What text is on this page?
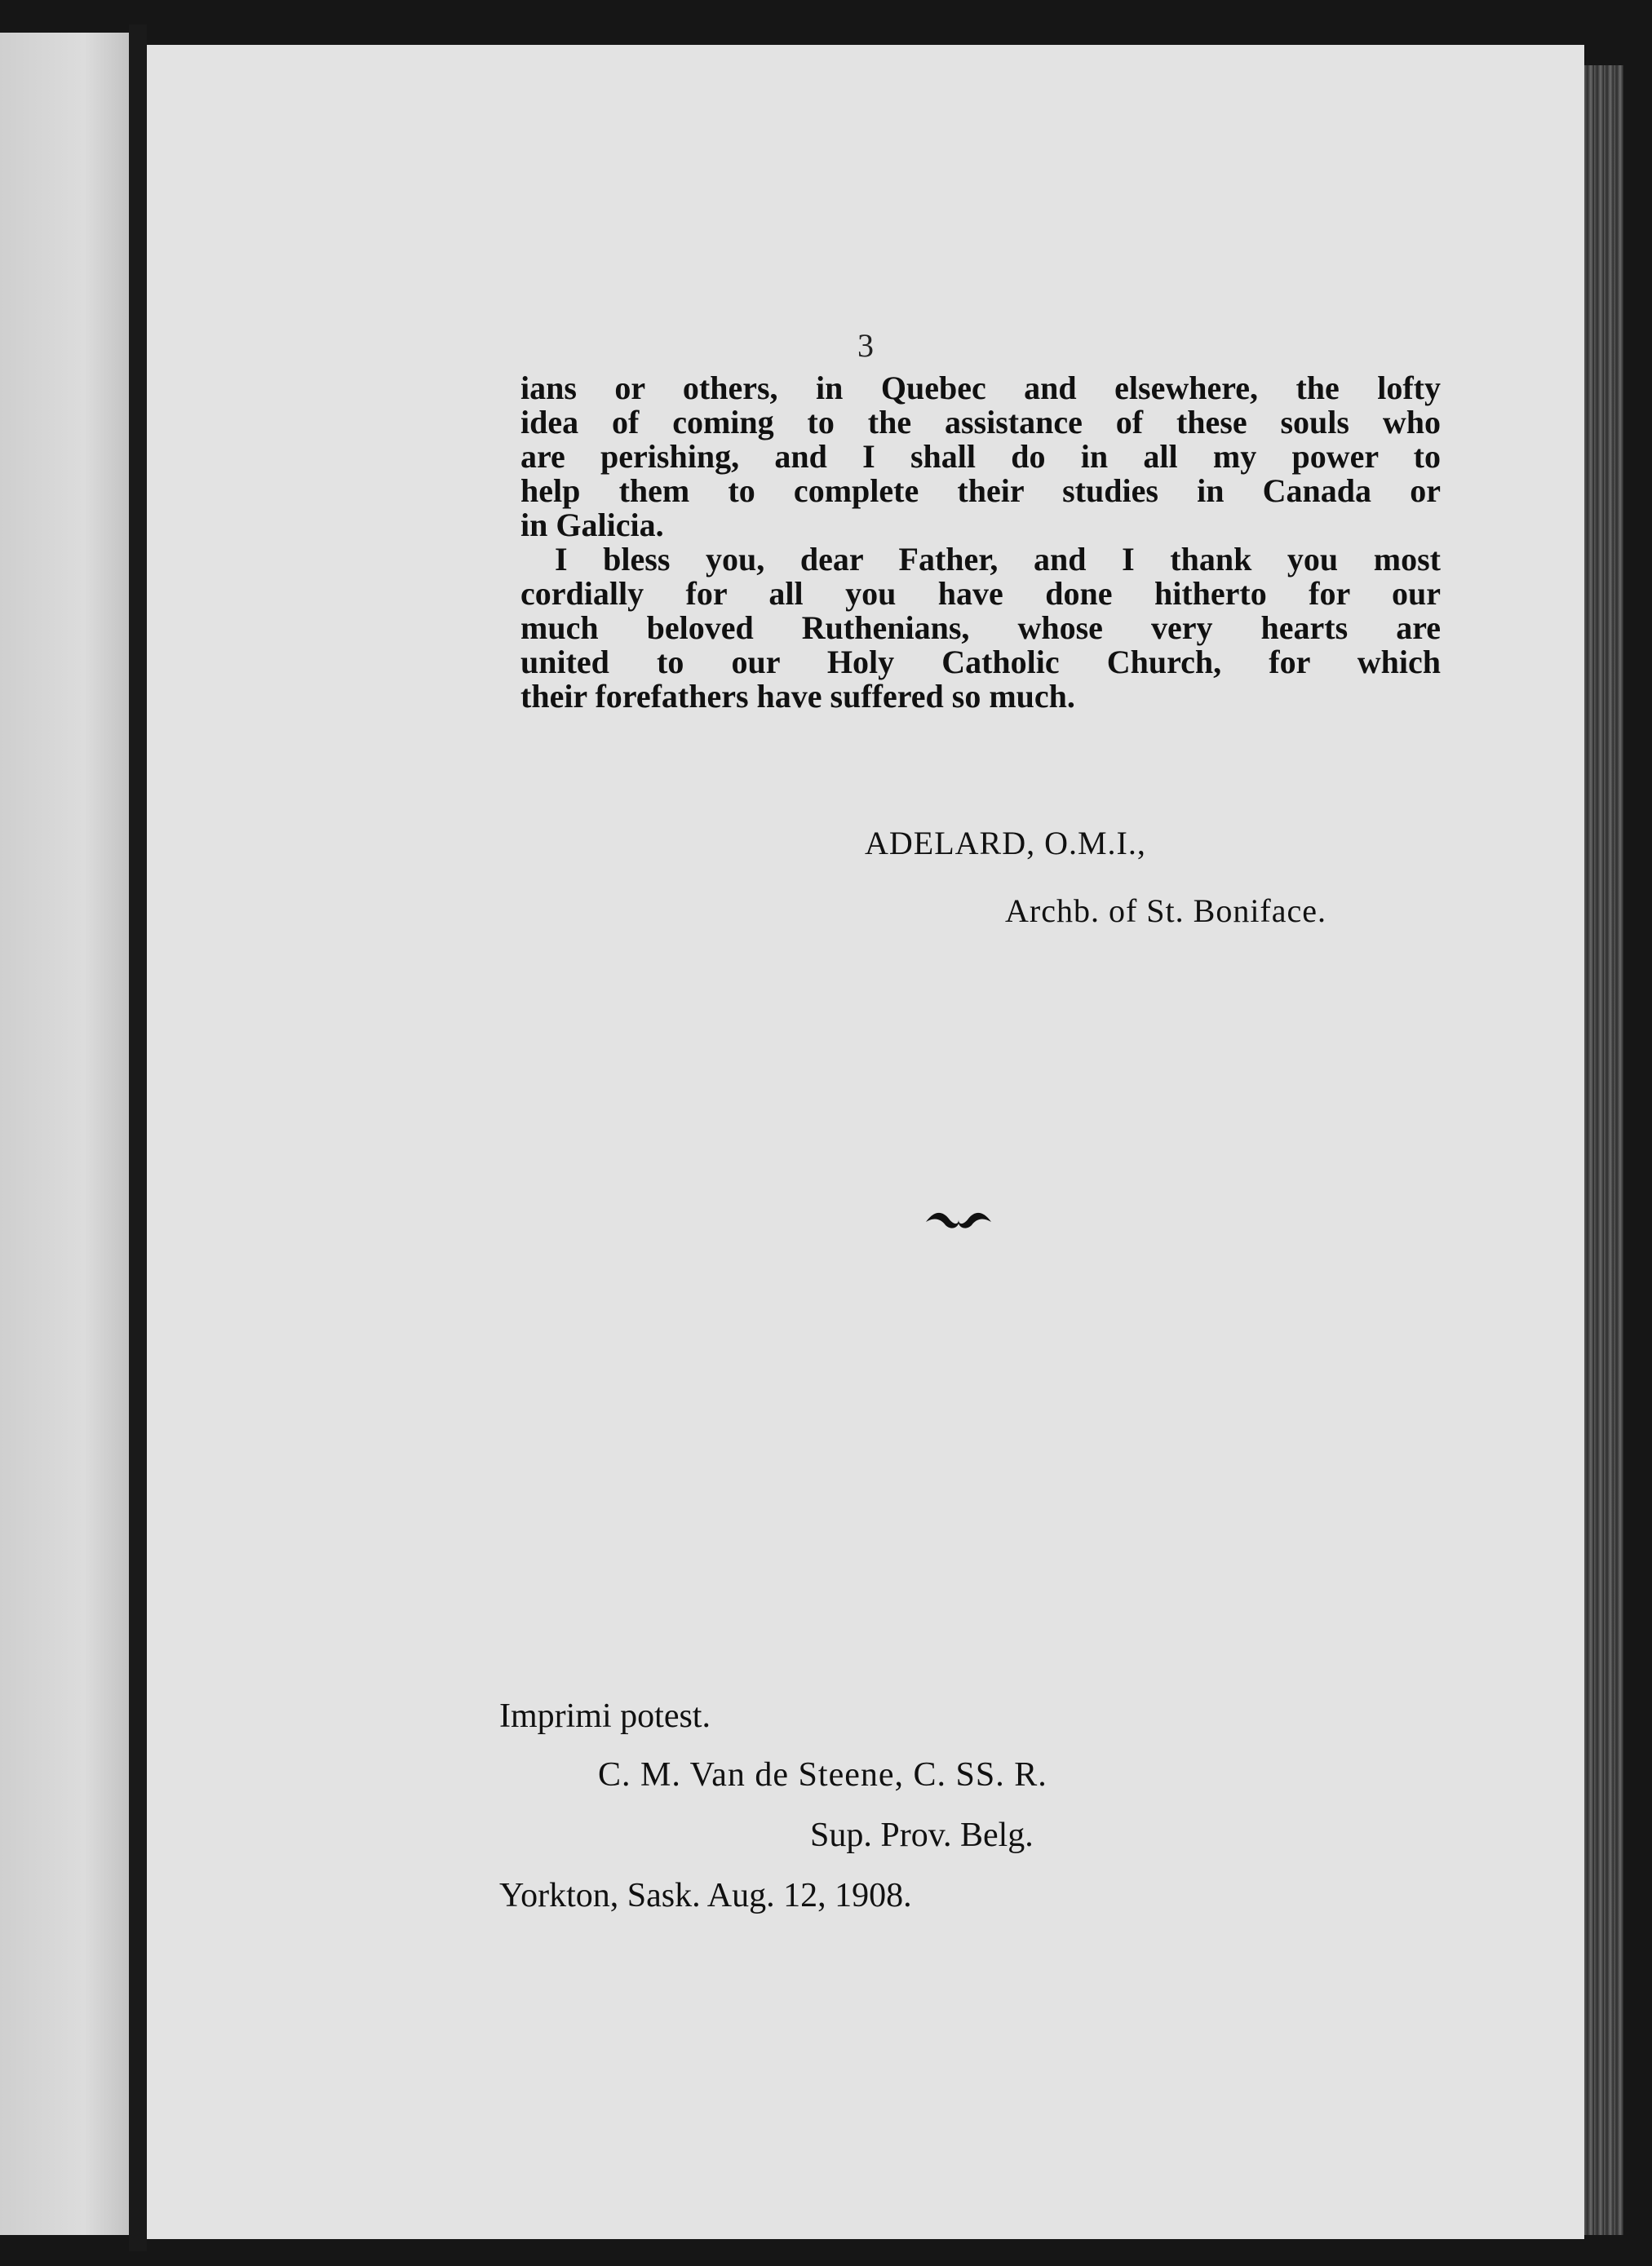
3
ians or others, in Quebec and elsewhere, the lofty
idea of coming to the assistance of these souls who
are perishing, and I shall do in all my power to
help them to complete their studies in Canada or
in Galicia.
I bless you, dear Father, and I thank you most
cordially for all you have done hitherto for our
much beloved Ruthenians, whose very hearts are
united to our Holy Catholic Church, for which
their forefathers have suffered so much.
ADELARD, O.M.I.,
Archb. of St. Boniface.
Imprimi potest.
C. M. Van de Steene, C. SS. R.
Sup. Prov. Belg.
Yorkton, Sask. Aug. 12, 1908.
